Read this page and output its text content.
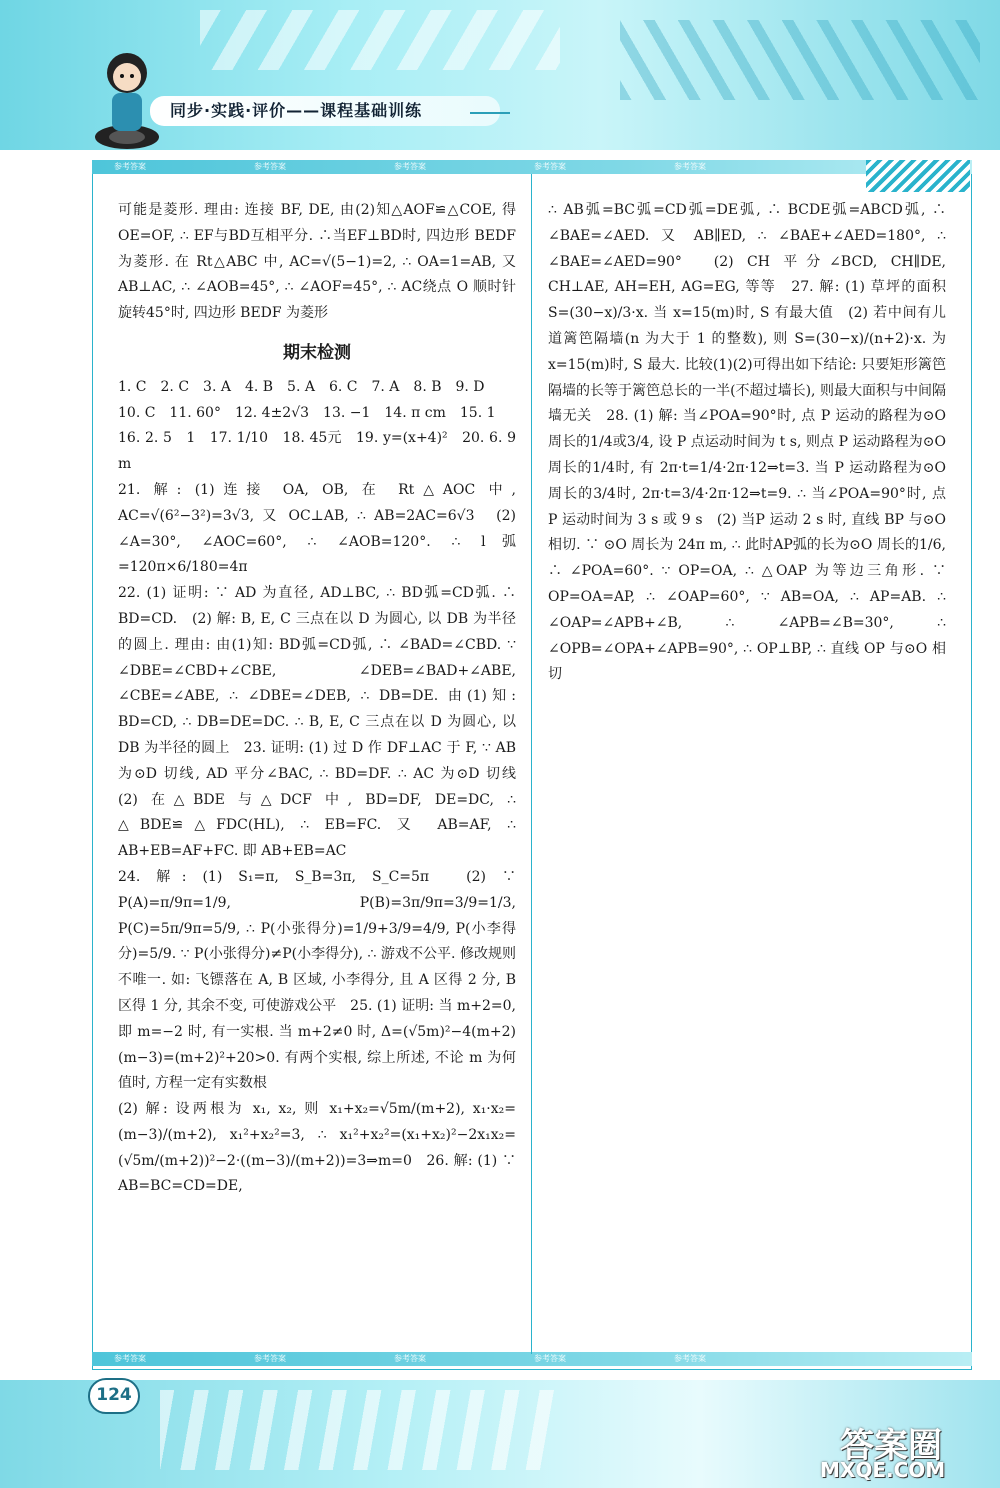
同步·实践·评价——课程基础训练
参考答案	参考答案	参考答案	参考答案	参考答案
参考答案	参考答案	参考答案	参考答案	参考答案

可能是菱形. 理由: 连接 BF, DE, 由(2)知△AOF≌△COE, 得 OE=OF, ∴ EF与BD互相平分. ∴当EF⊥BD时, 四边形 BEDF 为菱形. 在 Rt△ABC 中, AC=√(5−1)=2, ∴ OA=1=AB, 又 AB⊥AC, ∴ ∠AOB=45°, ∴ ∠AOF=45°, ∴ AC绕点 O 顺时针旋转45°时, 四边形 BEDF 为菱形

期末检测

1. C　2. C　3. A　4. B　5. A　6. C　7. A　8. B　9. D

10. C　11. 60°　12. 4±2√3　13. −1　14. π cm　15. 1

16. 2. 5　1　17. 1/10　18. 45元　19. y=(x+4)²　20. 6. 9 m

21. 解: (1)连接 OA, OB, 在 Rt△AOC 中, AC=√(6²−3²)=3√3, 又 OC⊥AB, ∴ AB=2AC=6√3　(2) ∠A=30°, ∠AOC=60°, ∴ ∠AOB=120°. ∴ l弧=120π×6/180=4π

22. (1) 证明: ∵ AD 为直径, AD⊥BC, ∴ BD弧=CD弧. ∴ BD=CD.　(2) 解: B, E, C 三点在以 D 为圆心, 以 DB 为半径的圆上. 理由: 由(1)知: BD弧=CD弧, ∴ ∠BAD=∠CBD. ∵ ∠DBE=∠CBD+∠CBE, ∠DEB=∠BAD+∠ABE, ∠CBE=∠ABE, ∴ ∠DBE=∠DEB, ∴ DB=DE. 由(1)知: BD=CD, ∴ DB=DE=DC. ∴ B, E, C 三点在以 D 为圆心, 以 DB 为半径的圆上　23. 证明: (1) 过 D 作 DF⊥AC 于 F, ∵ AB 为⊙D 切线, AD 平分∠BAC, ∴ BD=DF. ∴ AC 为⊙D 切线　(2) 在△BDE 与△DCF 中, BD=DF, DE=DC, ∴ △BDE≌△FDC(HL), ∴ EB=FC. 又 AB=AF, ∴ AB+EB=AF+FC. 即 AB+EB=AC

24. 解: (1) S₁=π, S_B=3π, S_C=5π　(2) ∵ P(A)=π/9π=1/9, P(B)=3π/9π=3/9=1/3, P(C)=5π/9π=5/9, ∴ P(小张得分)=1/9+3/9=4/9, P(小李得分)=5/9. ∵ P(小张得分)≠P(小李得分), ∴ 游戏不公平. 修改规则不唯一. 如: 飞镖落在 A, B 区域, 小李得分, 且 A 区得 2 分, B 区得 1 分, 其余不变, 可使游戏公平　25. (1) 证明: 当 m+2=0, 即 m=−2 时, 有一实根. 当 m+2≠0 时, Δ=(√5m)²−4(m+2)(m−3)=(m+2)²+20>0. 有两个实根, 综上所述, 不论 m 为何值时, 方程一定有实数根

(2) 解: 设两根为 x₁, x₂, 则 x₁+x₂=√5m/(m+2), x₁·x₂=(m−3)/(m+2), x₁²+x₂²=3, ∴ x₁²+x₂²=(x₁+x₂)²−2x₁x₂=(√5m/(m+2))²−2·((m−3)/(m+2))=3⇒m=0　26. 解: (1) ∵ AB=BC=CD=DE,

∴ AB弧=BC弧=CD弧=DE弧, ∴ BCDE弧=ABCD弧, ∴ ∠BAE=∠AED. 又 AB∥ED, ∴ ∠BAE+∠AED=180°, ∴ ∠BAE=∠AED=90°　(2) CH 平分∠BCD, CH∥DE, CH⊥AE, AH=EH, AG=EG, 等等　27. 解: (1) 草坪的面积 S=(30−x)/3·x. 当 x=15(m)时, S 有最大值　(2) 若中间有儿道篱笆隔墙(n 为大于 1 的整数), 则 S=(30−x)/(n+2)·x. 为 x=15(m)时, S 最大. 比较(1)(2)可得出如下结论: 只要矩形篱笆隔墙的长等于篱笆总长的一半(不超过墙长), 则最大面积与中间隔墙无关　28. (1) 解: 当∠POA=90°时, 点 P 运动的路程为⊙O 周长的1/4或3/4, 设 P 点运动时间为 t s, 则点 P 运动路程为⊙O 周长的1/4时, 有 2π·t=1/4·2π·12⇒t=3. 当 P 运动路程为⊙O 周长的3/4时, 2π·t=3/4·2π·12⇒t=9. ∴ 当∠POA=90°时, 点 P 运动时间为 3 s 或 9 s　(2) 当P 运动 2 s 时, 直线 BP 与⊙O 相切. ∵ ⊙O 周长为 24π m, ∴ 此时AP弧的长为⊙O 周长的1/6, ∴ ∠POA=60°. ∵ OP=OA, ∴ △OAP 为等边三角形. ∵ OP=OA=AP, ∴ ∠OAP=60°, ∵ AB=OA, ∴ AP=AB. ∴ ∠OAP=∠APB+∠B, ∴ ∠APB=∠B=30°, ∴ ∠OPB=∠OPA+∠APB=90°, ∴ OP⊥BP, ∴ 直线 OP 与⊙O 相切

124
答案圈
MXQE.COM
